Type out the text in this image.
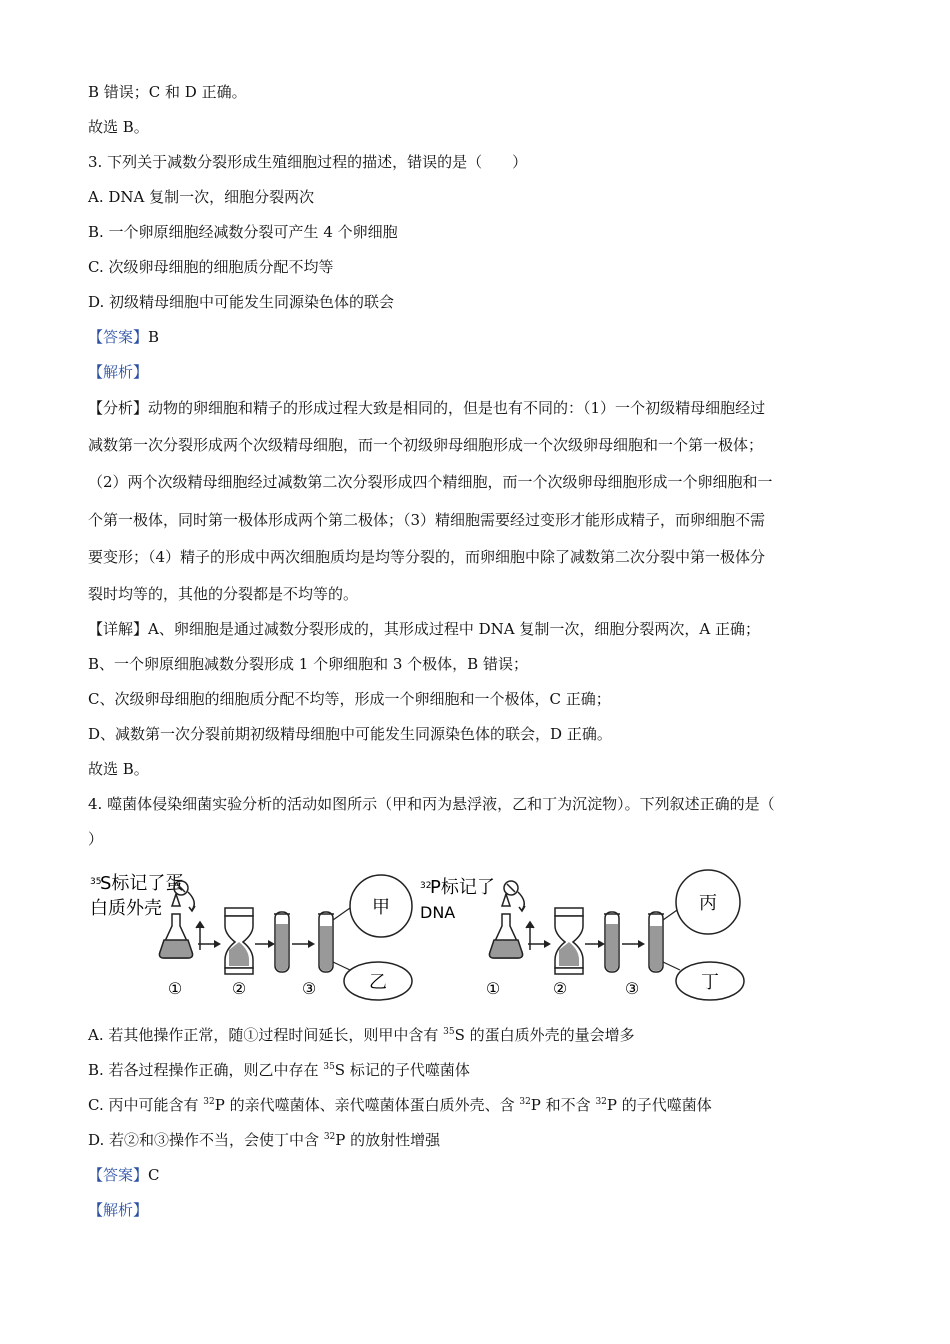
B 错误；C 和 D 正确。
故选 B。
3. 下列关于减数分裂形成生殖细胞过程的描述，错误的是（　　）
A. DNA 复制一次，细胞分裂两次
B. 一个卵原细胞经减数分裂可产生 4 个卵细胞
C. 次级卵母细胞的细胞质分配不均等
D. 初级精母细胞中可能发生同源染色体的联会
【答案】B
【解析】
【分析】动物的卵细胞和精子的形成过程大致是相同的，但是也有不同的：（1）一个初级精母细胞经过
减数第一次分裂形成两个次级精母细胞，而一个初级卵母细胞形成一个次级卵母细胞和一个第一极体；
（2）两个次级精母细胞经过减数第二次分裂形成四个精细胞，而一个次级卵母细胞形成一个卵细胞和一
个第一极体，同时第一极体形成两个第二极体；（3）精细胞需要经过变形才能形成精子，而卵细胞不需
要变形；（4）精子的形成中两次细胞质均是均等分裂的，而卵细胞中除了减数第二次分裂中第一极体分
裂时均等的，其他的分裂都是不均等的。
【详解】A、卵细胞是通过减数分裂形成的，其形成过程中 DNA 复制一次，细胞分裂两次，A 正确；
B、一个卵原细胞减数分裂形成 1 个卵细胞和 3 个极体，B 错误；
C、次级卵母细胞的细胞质分配不均等，形成一个卵细胞和一个极体，C 正确；
D、减数第一次分裂前期初级精母细胞中可能发生同源染色体的联会，D 正确。
故选 B。
4. 噬菌体侵染细菌实验分析的活动如图所示（甲和丙为悬浮液，乙和丁为沉淀物）。下列叙述正确的是（
）
35
S标记了蛋
白质外壳	甲
乙
①	②	③
32
P标记了
DNA	丙
丁
①	②	③
A. 若其他操作正常，随①过程时间延长，则甲中含有 $^{35}$S 的蛋白质外壳的量会增多
B. 若各过程操作正确，则乙中存在 $^{35}$S 标记的子代噬菌体
C. 丙中可能含有 $^{32}$P 的亲代噬菌体、亲代噬菌体蛋白质外壳、含 $^{32}$P 和不含 $^{32}$P 的子代噬菌体
D. 若②和③操作不当，会使丁中含 $^{32}$P 的放射性增强
【答案】C
【解析】
